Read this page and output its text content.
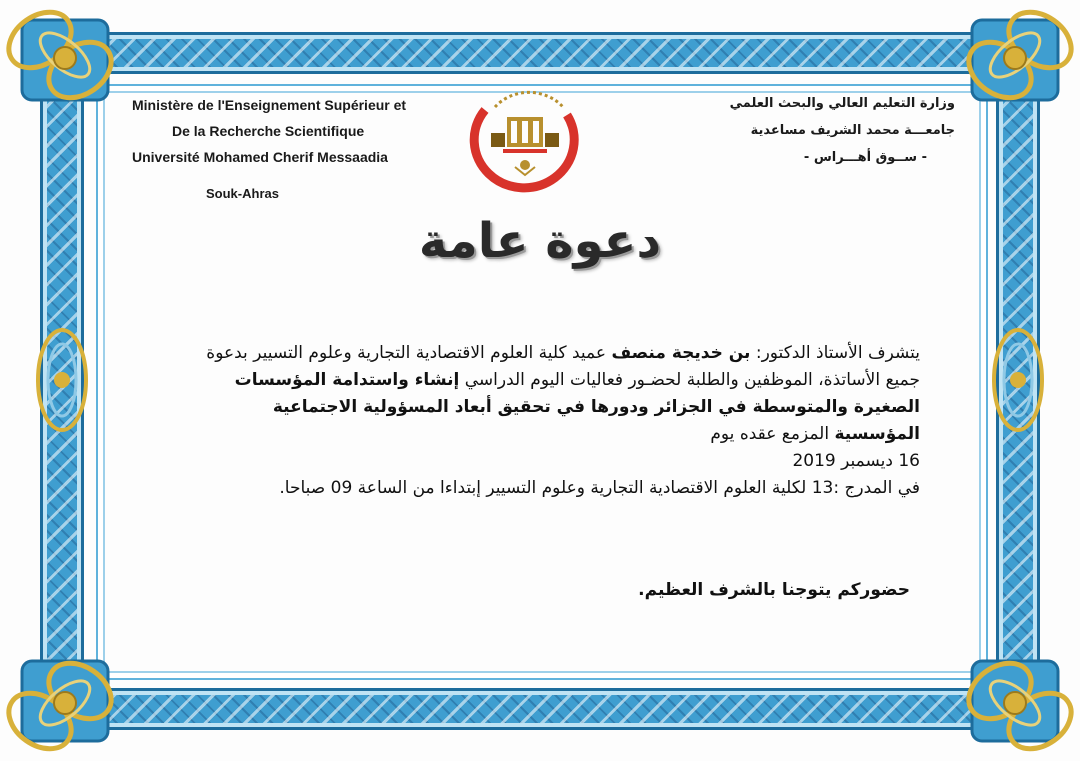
Ministère de l'Enseignement Supérieur et
De la Recherche Scientifique
Université Mohamed Cherif Messaadia
Souk-Ahras
وزارة التعليم العالي والبحث العلمي
جامعـــة محمد الشريف مساعدية
- ســوق أهـــراس -
دعوة عامة

يتشرف الأستاذ الدكتور: بن خديجة منصف عميد كلية العلوم الاقتصادية التجارية وعلوم التسيير بدعوة جميع الأساتذة، الموظفين والطلبة لحضـور فعاليات اليوم الدراسي إنشاء واستدامة المؤسسات الصغيرة والمتوسطة في الجزائر ودورها في تحقيق أبعاد المسؤولية الاجتماعية المؤسسية المزمع عقده يوم

16 ديسمبر 2019

في المدرج :13 لكلية العلوم الاقتصادية التجارية وعلوم التسيير إبتداءا من الساعة 09 صباحا.

حضوركم يتوجنا بالشرف العظيم.
